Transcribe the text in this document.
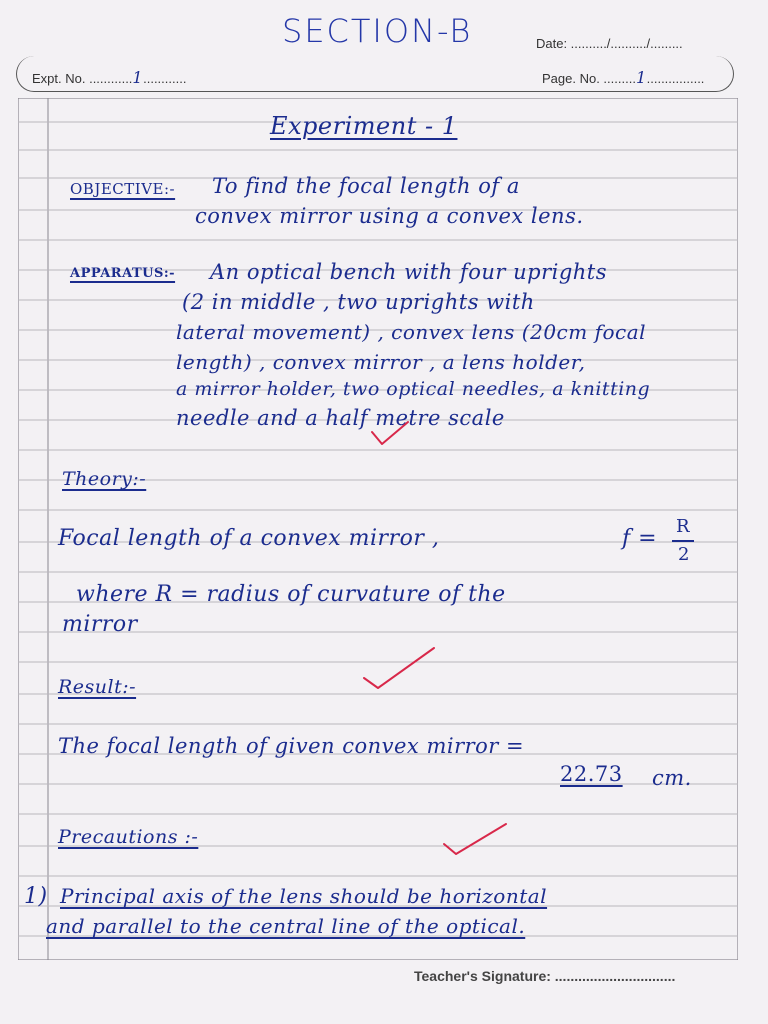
SECTION-B	Date: ........../........../.........
Expt. No. ............1............	Page. No. .........1................
Experiment - 1
OBJECTIVE:- To find the focal length of a
convex mirror using a convex lens.
APPARATUS:- An optical bench with four uprights
(2 in middle , two uprights with
lateral movement) , convex lens (20cm focal
length) , convex mirror , a lens holder,
a mirror holder, two optical needles, a knitting
needle and a half metre scale
Theory:-
Focal length of a convex mirror ,	f = R
2
where R = radius of curvature of the
mirror
Result:-
The focal length of given convex mirror =
22.73 cm.
Precautions :-
1) Principal axis of the lens should be horizontal
and parallel to the central line of the optical.
Teacher's Signature: ...............................
